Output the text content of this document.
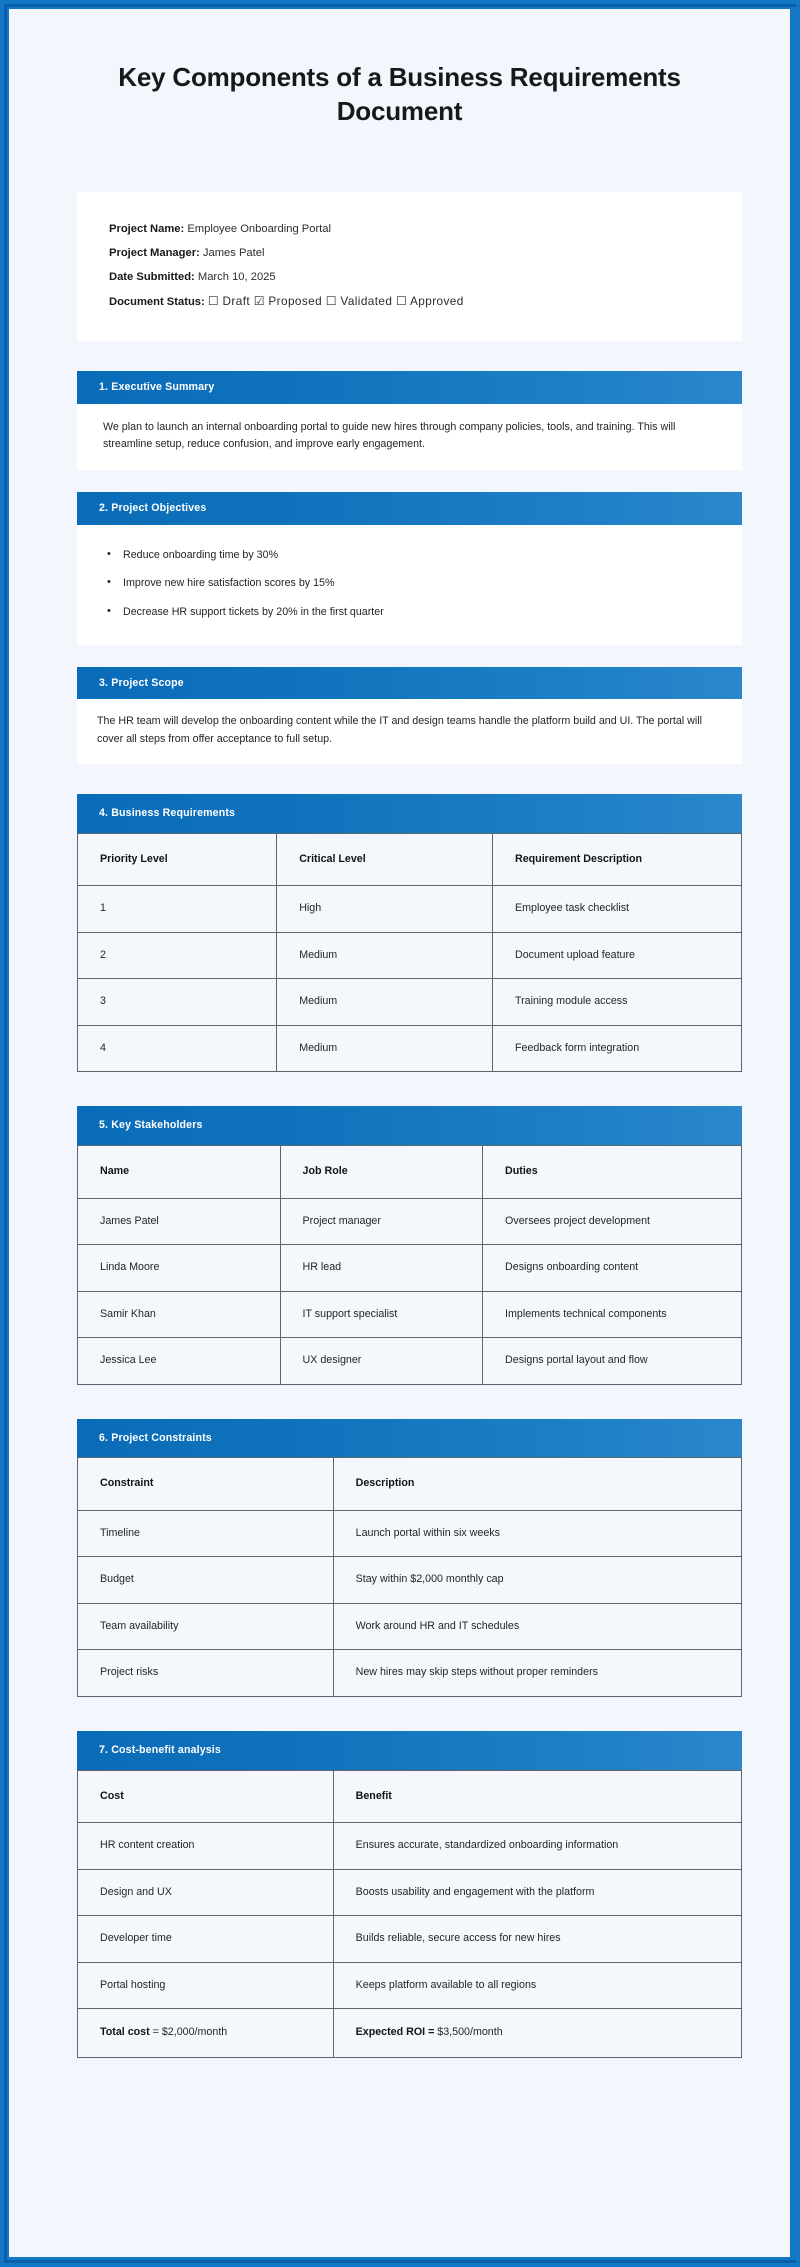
Key Components of a Business Requirements Document
Project Name: Employee Onboarding Portal
Project Manager: James Patel
Date Submitted: March 10, 2025
Document Status: ☐ Draft ☑ Proposed ☐ Validated ☐ Approved
1. Executive Summary
We plan to launch an internal onboarding portal to guide new hires through company policies, tools, and training. This will streamline setup, reduce confusion, and improve early engagement.
2. Project Objectives
• Reduce onboarding time by 30%
• Improve new hire satisfaction scores by 15%
• Decrease HR support tickets by 20% in the first quarter
3. Project Scope
The HR team will develop the onboarding content while the IT and design teams handle the platform build and UI. The portal will cover all steps from offer acceptance to full setup.
4. Business Requirements
Priority Level	Critical Level	Requirement Description
1	High	Employee task checklist
2	Medium	Document upload feature
3	Medium	Training module access
4	Medium	Feedback form integration
5. Key Stakeholders
Name	Job Role	Duties
James Patel	Project manager	Oversees project development
Linda Moore	HR lead	Designs onboarding content
Samir Khan	IT support specialist	Implements technical components
Jessica Lee	UX designer	Designs portal layout and flow
6. Project Constraints
Constraint	Description
Timeline	Launch portal within six weeks
Budget	Stay within $2,000 monthly cap
Team availability	Work around HR and IT schedules
Project risks	New hires may skip steps without proper reminders
7. Cost-benefit analysis
Cost	Benefit
HR content creation	Ensures accurate, standardized onboarding information
Design and UX	Boosts usability and engagement with the platform
Developer time	Builds reliable, secure access for new hires
Portal hosting	Keeps platform available to all regions
Total cost = $2,000/month	Expected ROI = $3,500/month
